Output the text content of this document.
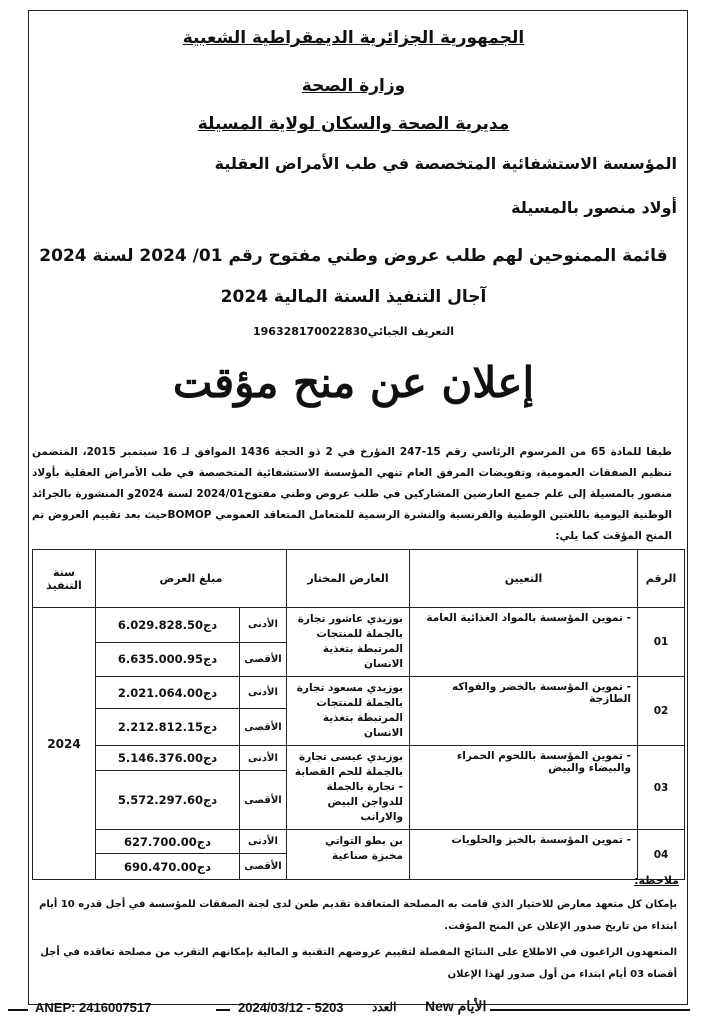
الجمهورية الجزائرية الديمقراطية الشعبية
وزارة الصحة
مديرية الصحة والسكان لولاية المسيلة
المؤسسة الاستشفائية المتخصصة في طب الأمراض العقلية
أولاد منصور بالمسيلة
قائمة الممنوحين لهم طلب عروض وطني مفتوح رقم 01/ 2024 لسنة 2024
آجال التنفيذ السنة المالية 2024
التعريف الجبائي196328170022830
إعلان عن منح مؤقت
طبقا للمادة 65 من المرسوم الرئاسي رقم 15-247 المؤرخ في 2 ذو الحجة 1436 الموافق لـ 16 سبتمبر 2015، المتضمن تنظيم الصفقات العمومية، وتفويضات المرفق العام تنهي المؤسسة الاستشفائية المتخصصة في طب الأمراض العقلية بأولاد منصور بالمسيلة إلى علم جميع العارضين المشاركين في طلب عروض وطني مفتوح2024/01 لسنة 2024و المنشورة بالجرائد الوطنية اليومية باللغتين الوطنية والفرنسية والنشرة الرسمية للمتعامل المتعاقد العمومي BOMOPحيث بعد تقييم العروض تم المنح المؤقت كما يلي:
الرقم	التعيين	العارض المختار	مبلغ العرض		سنة التنفيذ
01	- تموين المؤسسة بالمواد الغذائية العامة	بوزيدي عاشور تجارة بالجملة للمنتجات المرتبطة بتغذية الانسان	الأدنى	6.029.828.50دج	2024
			الأقصى	6.635.000.95دج	
02	- تموين المؤسسة بالخضر والفواكه الطازجة	بوزيدي مسعود تجارة بالجملة للمنتجات المرتبطة بتغذية الانسان	الأدنى	2.021.064.00دج	
			الأقصى	2.212.812.15دج	
03	- تموين المؤسسة باللحوم الحمراء والبيضاء والبيض	بوزيدي عيسى تجارة بالجملة للحم القصابة - تجارة بالجملة للدواجن البيض والارانب	الأدنى	5.146.376.00دج	
			الأقصى	5.572.297.60دج	
04	- تموين المؤسسة بالخبز والحلويات	بن بطو التواتي مخبزة صناعية	الأدنى	627.700.00دج	
			الأقصى	690.470.00دج	
ملاحظة:
بإمكان كل متعهد معارض للاختيار الذي قامت به المصلحة المتعاقدة تقديم طعن لدى لجنة الصفقات للمؤسسة في أجل قدره 10 أيام ابتداء من تاريخ صدور الإعلان عن المنح المؤقت.
المتعهدون الراغبون في الاطلاع على النتائج المفصلة لتقييم عروضهم التقنية و المالية بإمكانهم التقرب من مصلحة تعاقده في أجل أقصاه 03 أيام ابتداء من أول صدور لهذا الإعلان
ANEP: 2416007517	2024/03/12 - 5203 العدد الأيام New
